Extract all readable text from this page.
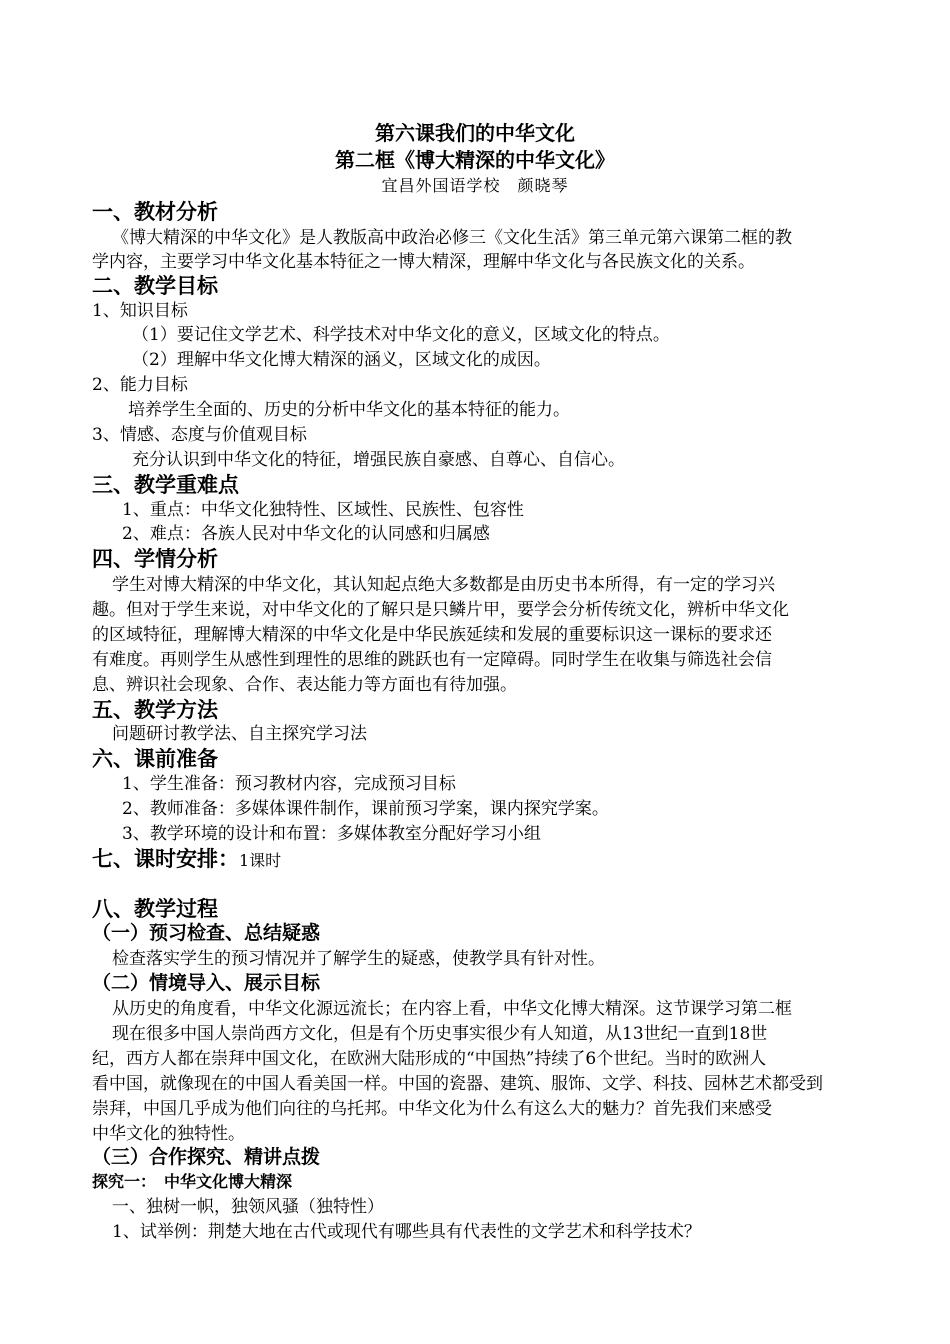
第六课我们的中华文化
第二框《博大精深的中华文化》
宜昌外国语学校　颜晓琴
一、教材分析
《博大精深的中华文化》是人教版高中政治必修三《文化生活》第三单元第六课第二框的教
学内容，主要学习中华文化基本特征之一博大精深，理解中华文化与各民族文化的关系。
二、教学目标
1、知识目标
（1）要记住文学艺术、科学技术对中华文化的意义，区域文化的特点。
（2）理解中华文化博大精深的涵义，区域文化的成因。
2、能力目标
培养学生全面的、历史的分析中华文化的基本特征的能力。
3、情感、态度与价值观目标
充分认识到中华文化的特征，增强民族自豪感、自尊心、自信心。
三、教学重难点
1、重点：中华文化独特性、区域性、民族性、包容性
2、难点：各族人民对中华文化的认同感和归属感
四、学情分析
学生对博大精深的中华文化，其认知起点绝大多数都是由历史书本所得，有一定的学习兴
趣。但对于学生来说，对中华文化的了解只是只鳞片甲，要学会分析传统文化，辨析中华文化
的区域特征，理解博大精深的中华文化是中华民族延续和发展的重要标识这一课标的要求还
有难度。再则学生从感性到理性的思维的跳跃也有一定障碍。同时学生在收集与筛选社会信
息、辨识社会现象、合作、表达能力等方面也有待加强。
五、教学方法
问题研讨教学法、自主探究学习法
六、课前准备
1、学生准备：预习教材内容，完成预习目标
2、教师准备：多媒体课件制作，课前预习学案，课内探究学案。
3、教学环境的设计和布置：多媒体教室分配好学习小组
七、课时安排：1课时
八、教学过程
（一）预习检查、总结疑惑
检查落实学生的预习情况并了解学生的疑惑，使教学具有针对性。
（二）情境导入、展示目标
从历史的角度看，中华文化源远流长；在内容上看，中华文化博大精深。这节课学习第二框
现在很多中国人崇尚西方文化，但是有个历史事实很少有人知道，从13世纪一直到18世
纪，西方人都在崇拜中国文化，在欧洲大陆形成的“中国热”持续了6个世纪。当时的欧洲人
看中国，就像现在的中国人看美国一样。中国的瓷器、建筑、服饰、文学、科技、园林艺术都受到
崇拜，中国几乎成为他们向往的乌托邦。中华文化为什么有这么大的魅力？首先我们来感受
中华文化的独特性。
（三）合作探究、精讲点拨
探究一：　中华文化博大精深
一、独树一帜，独领风骚（独特性）
1、试举例：荆楚大地在古代或现代有哪些具有代表性的文学艺术和科学技术？
